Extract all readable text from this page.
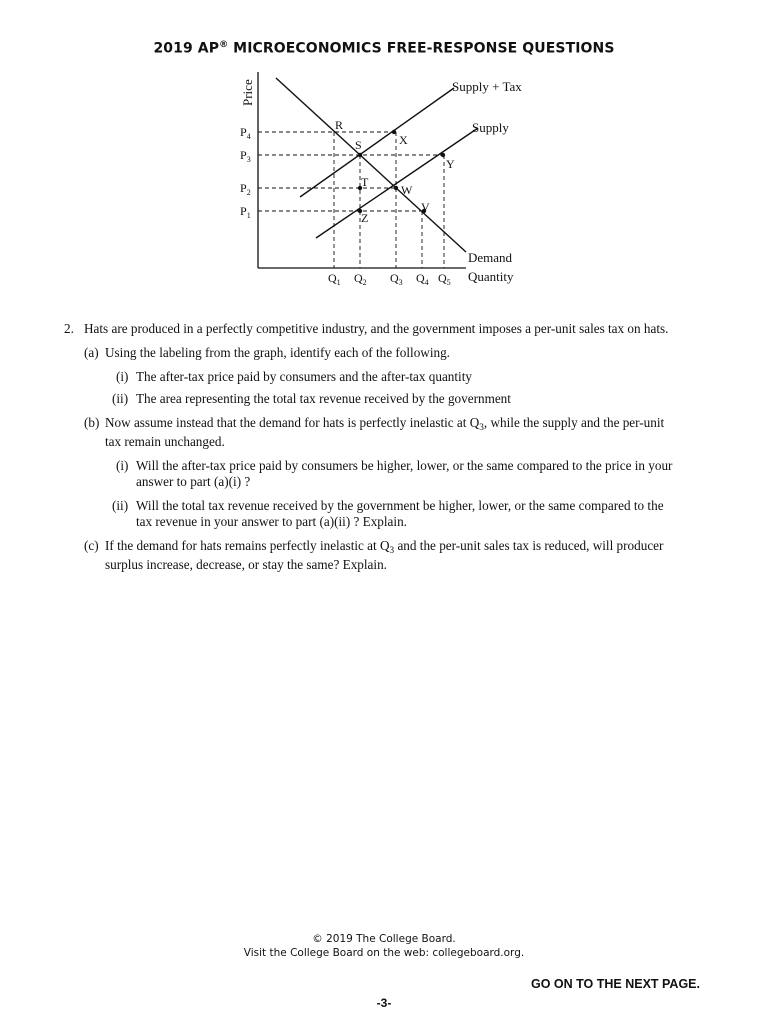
2019 AP® MICROECONOMICS FREE-RESPONSE QUESTIONS
Price	Supply + Tax
Supply
Demand
Quantity
R
S	X
Y
T
W
V
Z
$P_4$
$P_3$
$P_2$
$P_1$
$Q_1$ $Q_2$ $Q_3$ $Q_4$ $Q_5$
2. Hats are produced in a perfectly competitive industry, and the government imposes a per-unit sales tax on hats.
(a) Using the labeling from the graph, identify each of the following.
(i) The after-tax price paid by consumers and the after-tax quantity
(ii) The area representing the total tax revenue received by the government
(b) Now assume instead that the demand for hats is perfectly inelastic at $Q_3$, while the supply and the per-unit
tax remain unchanged.
(i) Will the after-tax price paid by consumers be higher, lower, or the same compared to the price in your
answer to part (a)(i) ?
(ii) Will the total tax revenue received by the government be higher, lower, or the same compared to the
tax revenue in your answer to part (a)(ii) ? Explain.
(c) If the demand for hats remains perfectly inelastic at $Q_3$ and the per-unit sales tax is reduced, will producer
surplus increase, decrease, or stay the same? Explain.
© 2019 The College Board.
Visit the College Board on the web: collegeboard.org.
GO ON TO THE NEXT PAGE.
-3-
